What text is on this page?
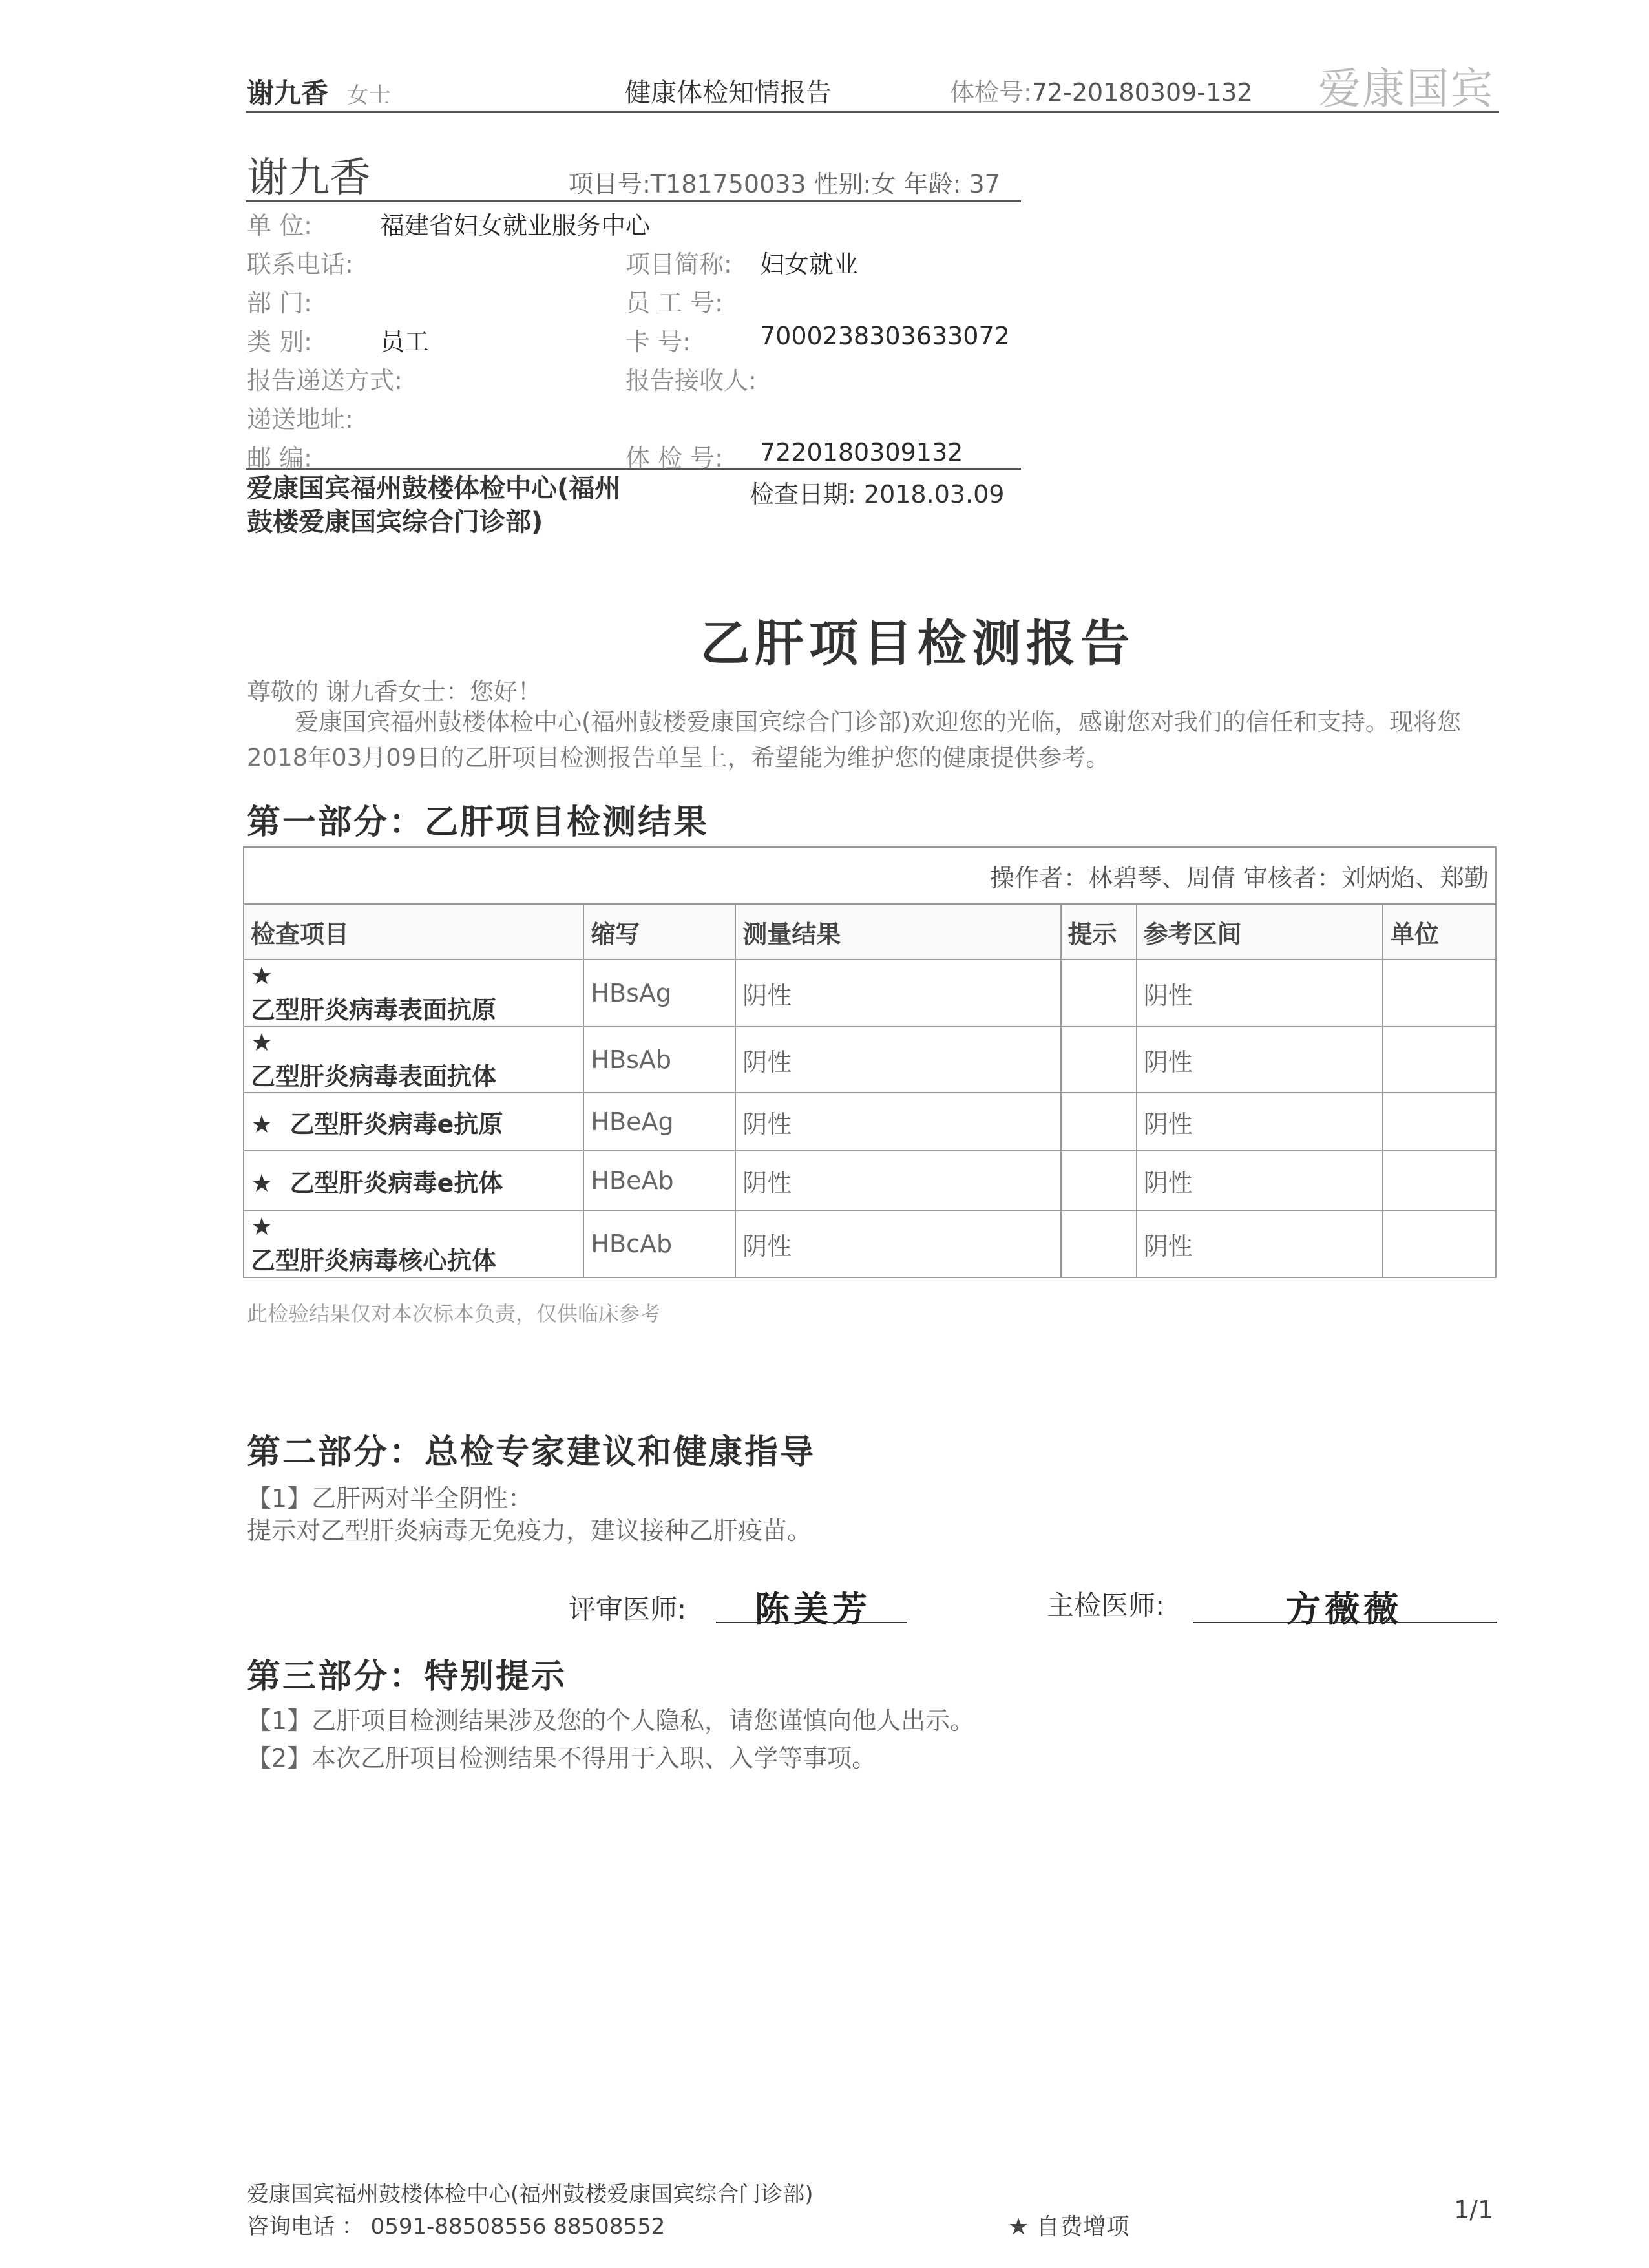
谢九香 女士	健康体检知情报告	体检号:72-20180309-132 爱康国宾
谢九香	项目号:T181750033 性别:女 年龄: 37
单 位:	福建省妇女就业服务中心
联系电话:	项目简称: 妇女就业
部 门:	员 工 号:
类 别:	员工	卡 号:	7000238303633072
报告递送方式:	报告接收人:
递送地址:
邮 编:	体 检 号: 7220180309132
爱康国宾福州鼓楼体检中心(福州鼓楼爱康国宾综合门诊部)
检查日期: 2018.03.09
乙肝项目检测报告
尊敬的 谢九香女士：您好！
爱康国宾福州鼓楼体检中心(福州鼓楼爱康国宾综合门诊部)欢迎您的光临，感谢您对我们的信任和支持。现将您2018年03月09日的乙肝项目检测报告单呈上，希望能为维护您的健康提供参考。
第一部分：乙肝项目检测结果
操作者：林碧琴、周倩 审核者：刘炳焰、郑勤					
检查项目	缩写	测量结果	提示	参考区间	单位
★
乙型肝炎病毒表面抗原	HBsAg	阴性		阴性	
★
乙型肝炎病毒表面抗体	HBsAb	阴性		阴性	
★ 乙型肝炎病毒e抗原	HBeAg	阴性		阴性	
★ 乙型肝炎病毒e抗体	HBeAb	阴性		阴性	
★
乙型肝炎病毒核心抗体	HBcAb	阴性		阴性	
此检验结果仅对本次标本负责，仅供临床参考
第二部分：总检专家建议和健康指导
【1】乙肝两对半全阴性：
提示对乙型肝炎病毒无免疫力，建议接种乙肝疫苗。
评审医师: 陈美芳	主检医师:	方薇薇
第三部分：特别提示
【1】乙肝项目检测结果涉及您的个人隐私，请您谨慎向他人出示。
【2】本次乙肝项目检测结果不得用于入职、入学等事项。
爱康国宾福州鼓楼体检中心(福州鼓楼爱康国宾综合门诊部)
咨询电话 ： 0591-88508556 88508552	★ 自费增项
1/1
